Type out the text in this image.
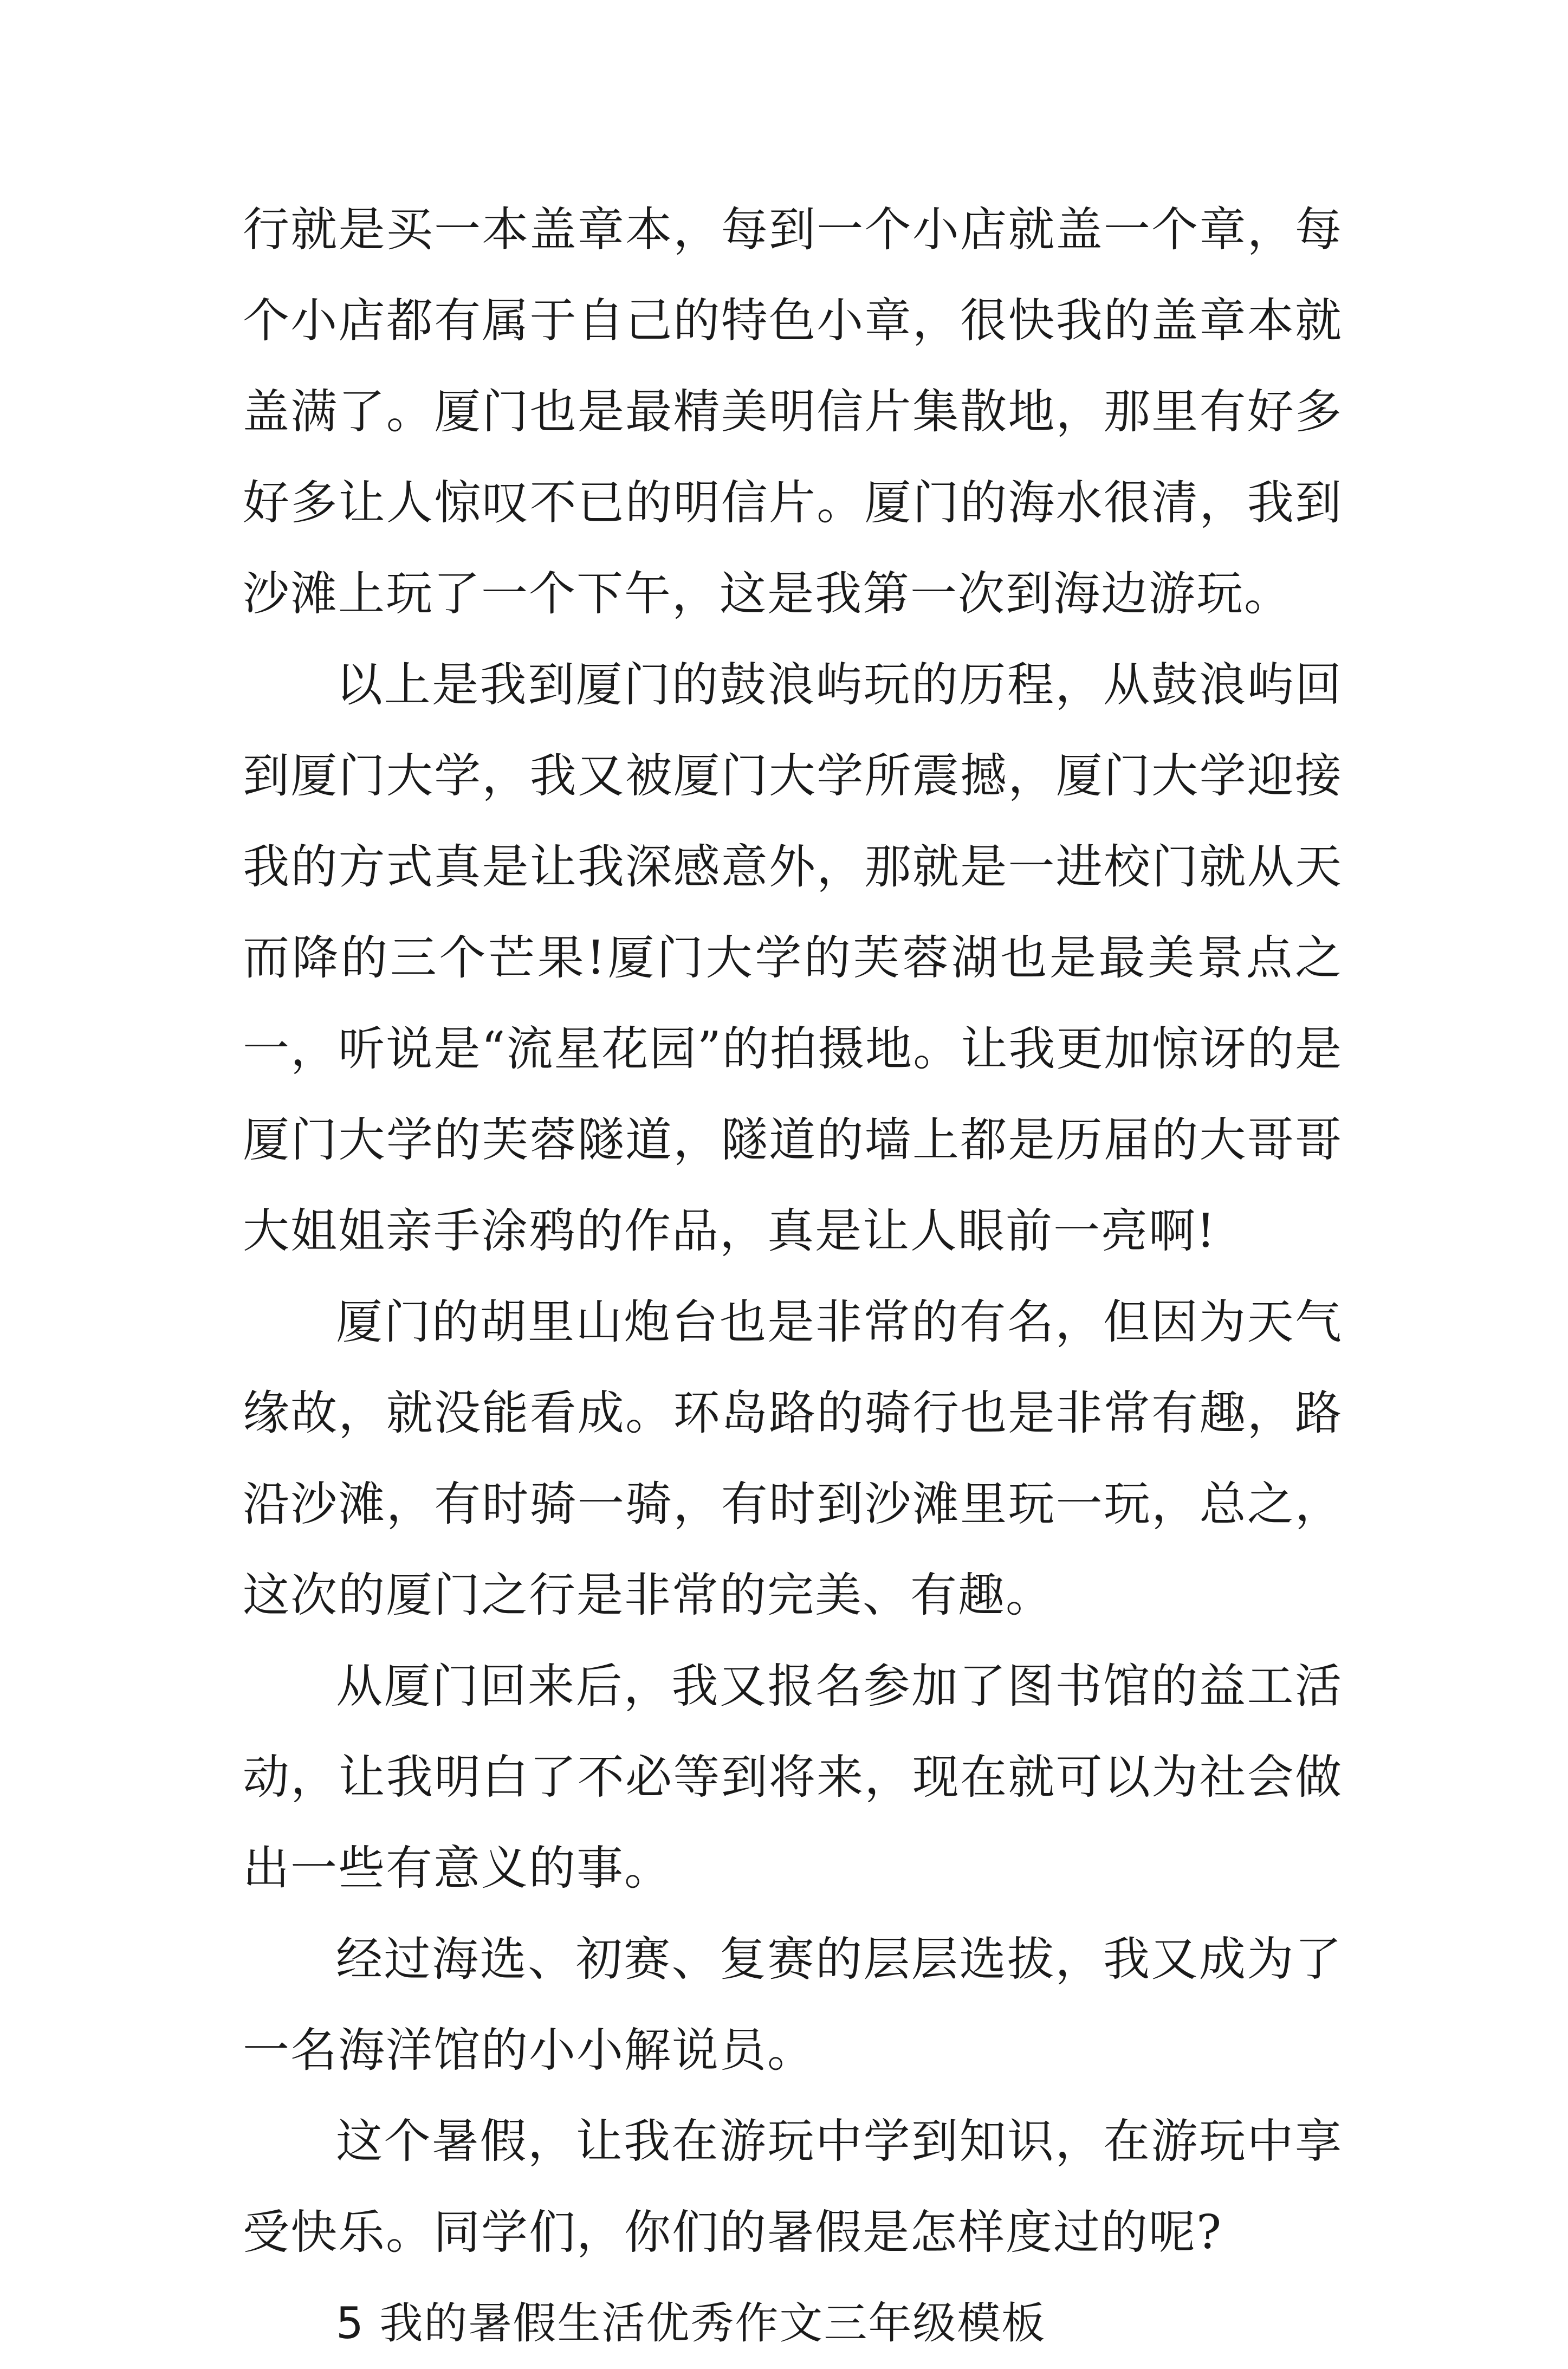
行就是买一本盖章本，每到一个小店就盖一个章，每个小店都有属于自己的特色小章，很快我的盖章本就盖满了。厦门也是最精美明信片集散地，那里有好多好多让人惊叹不已的明信片。厦门的海水很清，我到沙滩上玩了一个下午，这是我第一次到海边游玩。

以上是我到厦门的鼓浪屿玩的历程，从鼓浪屿回到厦门大学，我又被厦门大学所震撼，厦门大学迎接我的方式真是让我深感意外，那就是一进校门就从天而降的三个芒果!厦门大学的芙蓉湖也是最美景点之一，听说是“流星花园”的拍摄地。让我更加惊讶的是厦门大学的芙蓉隧道，隧道的墙上都是历届的大哥哥大姐姐亲手涂鸦的作品，真是让人眼前一亮啊!

厦门的胡里山炮台也是非常的有名，但因为天气缘故，就没能看成。环岛路的骑行也是非常有趣，路沿沙滩，有时骑一骑，有时到沙滩里玩一玩，总之，这次的厦门之行是非常的完美、有趣。

从厦门回来后，我又报名参加了图书馆的益工活动，让我明白了不必等到将来，现在就可以为社会做出一些有意义的事。

经过海选、初赛、复赛的层层选拔，我又成为了一名海洋馆的小小解说员。

这个暑假，让我在游玩中学到知识，在游玩中享受快乐。同学们，你们的暑假是怎样度过的呢?

5 我的暑假生活优秀作文三年级模板
